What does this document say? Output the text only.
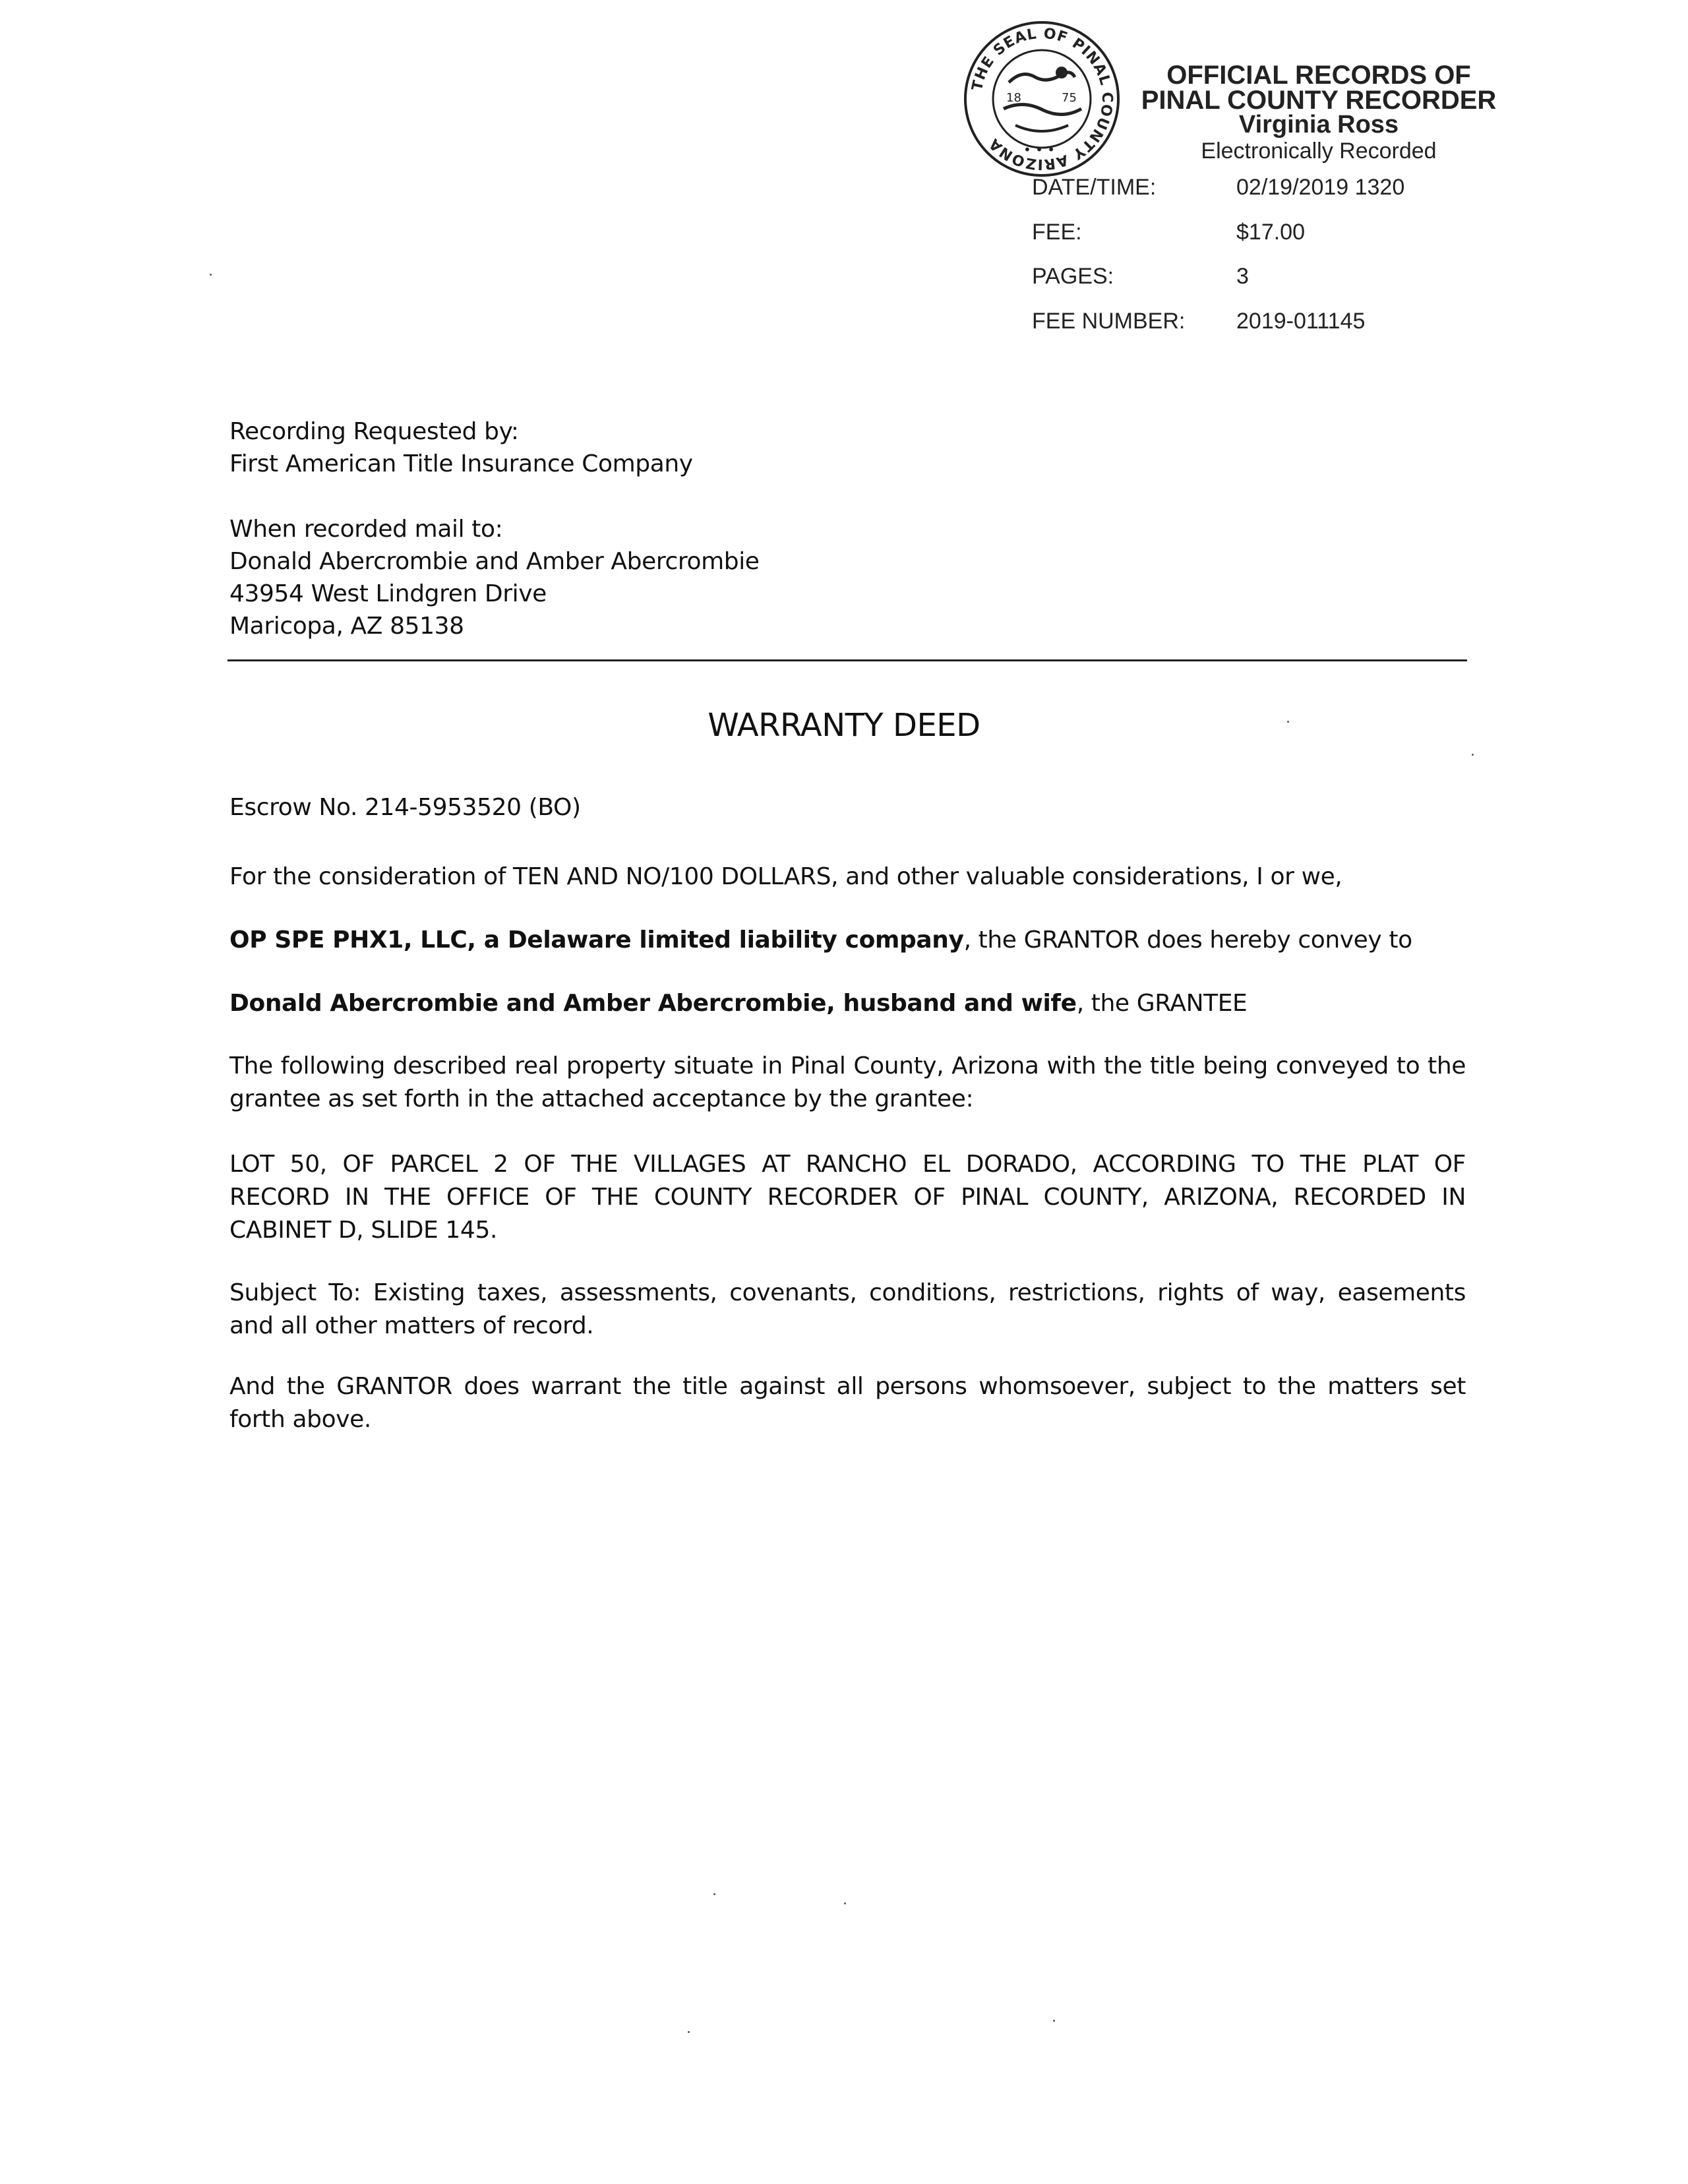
THE SEAL OF PINAL COUNTY ARIZONA
18	75
• • •
OFFICIAL RECORDS OF
PINAL COUNTY RECORDER
Virginia Ross
Electronically Recorded
DATE/TIME:	02/19/2019 1320
FEE:	$17.00
PAGES:	3
FEE NUMBER: 2019-011145
Recording Requested by:
First American Title Insurance Company
When recorded mail to:
Donald Abercrombie and Amber Abercrombie
43954 West Lindgren Drive
Maricopa, AZ 85138
WARRANTY DEED
Escrow No. 214-5953520 (BO)
For the consideration of TEN AND NO/100 DOLLARS, and other valuable considerations, I or we,
OP SPE PHX1, LLC, a Delaware limited liability company, the GRANTOR does hereby convey to
Donald Abercrombie and Amber Abercrombie, husband and wife, the GRANTEE
The following described real property situate in Pinal County, Arizona with the title being conveyed to the
grantee as set forth in the attached acceptance by the grantee:
LOT 50, OF PARCEL 2 OF THE VILLAGES AT RANCHO EL DORADO, ACCORDING TO THE PLAT OF
RECORD IN THE OFFICE OF THE COUNTY RECORDER OF PINAL COUNTY, ARIZONA, RECORDED IN
CABINET D, SLIDE 145.
Subject To: Existing taxes, assessments, covenants, conditions, restrictions, rights of way, easements
and all other matters of record.
And the GRANTOR does warrant the title against all persons whomsoever, subject to the matters set
forth above.
